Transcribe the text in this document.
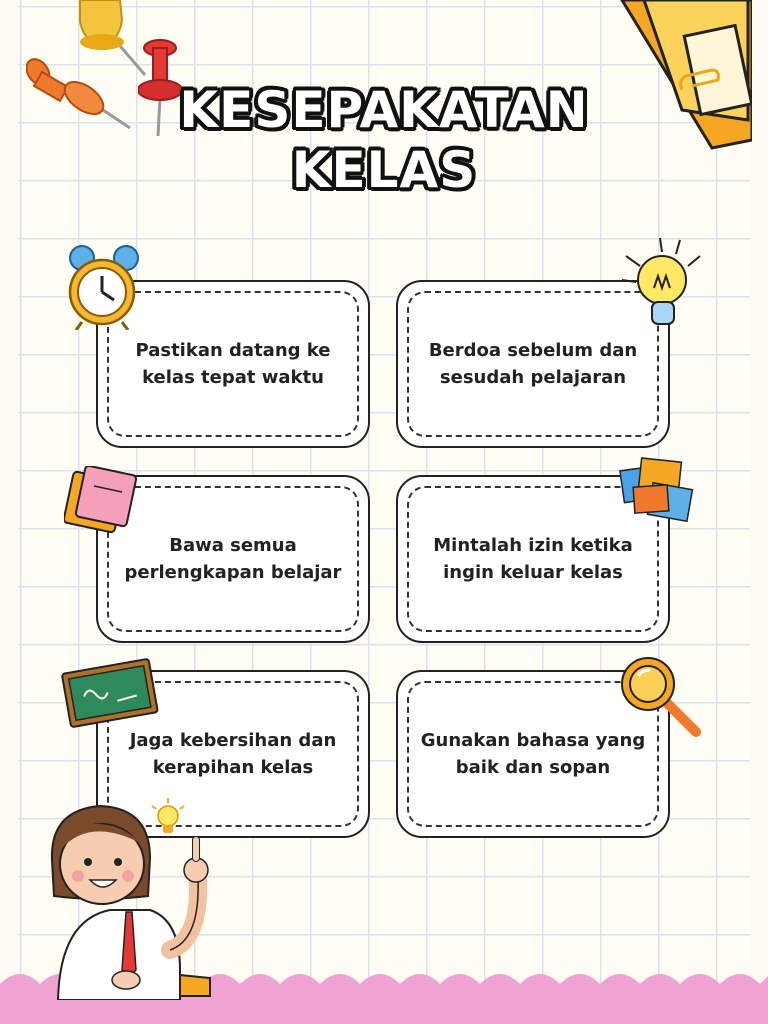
KESEPAKATAN
KELAS
Pastikan datang ke kelas tepat waktu
Berdoa sebelum dan sesudah pelajaran
Bawa semua perlengkapan belajar
Mintalah izin ketika ingin keluar kelas
Jaga kebersihan dan kerapihan kelas
Gunakan bahasa yang baik dan sopan
